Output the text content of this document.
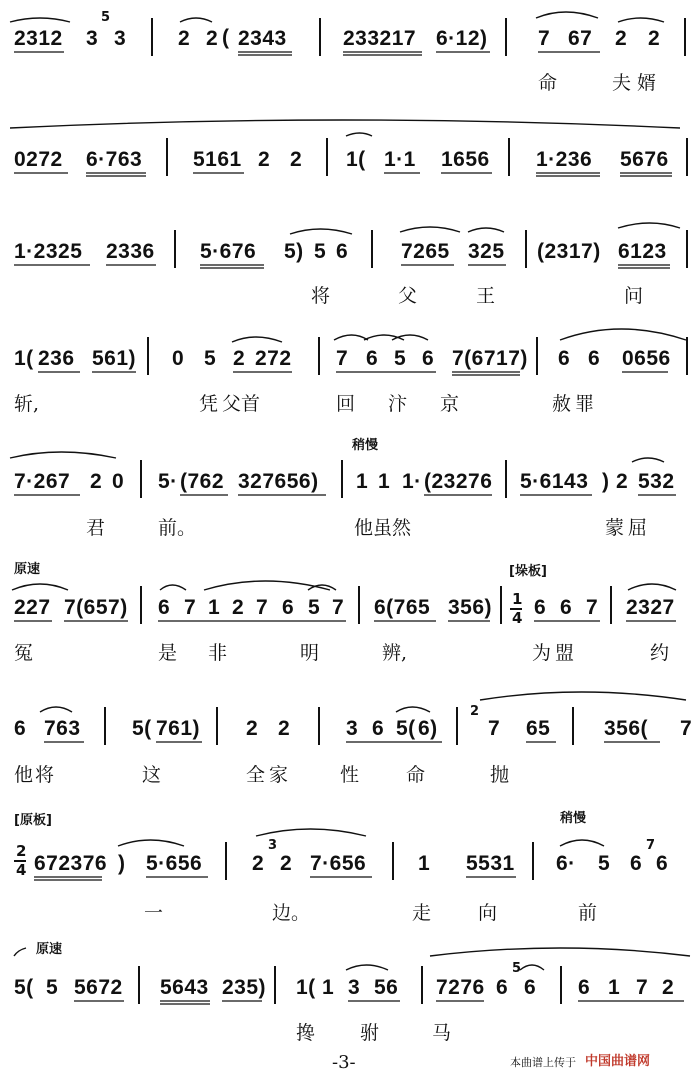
2312 3
5
3 2 2 ( 2343	233217 6·12) 7 67 2 2
命	夫婿
0272 6·763 5161 2 2 1( 1·1 1656 1·236 5676
1·2325 2336 5·676 5) 5 6	7265 325 (2317) 6123
将	父	王	问
1( 236 561) 0 5 2 272 7 6 5 6 7(6717) 6 6 0656
斩,	凭 父首	回 汴 京	赦罪
稍慢
7·267 2 0 5· (762 327656) 1 1 1· (23276 5·6143 ) 2 532
君	前。	他虽然	蒙屈
原速	[垛板]
227 7(657) 6 7 1 2 7 6 5 7 6(765 356) 1
4 6 6 7 2327
冤	是 非	明	辨,	为盟	约
6 763 5( 761) 2 2	3 6 5( 6)
2
7 65	356( 7
他将	这	全家	性 命	抛
[原板]	稍慢
2
4 672376 ) 5·656 2
3
2 7·656 1 5531 6· 5 6
7
6
一	边。	走 向	前
原速
5( 5 5672 5643 235) 1( 1 3 56 7276 6
5
6 6 1 7 2
搀 驸	马
-3-	本曲谱上传于 中国曲谱网
